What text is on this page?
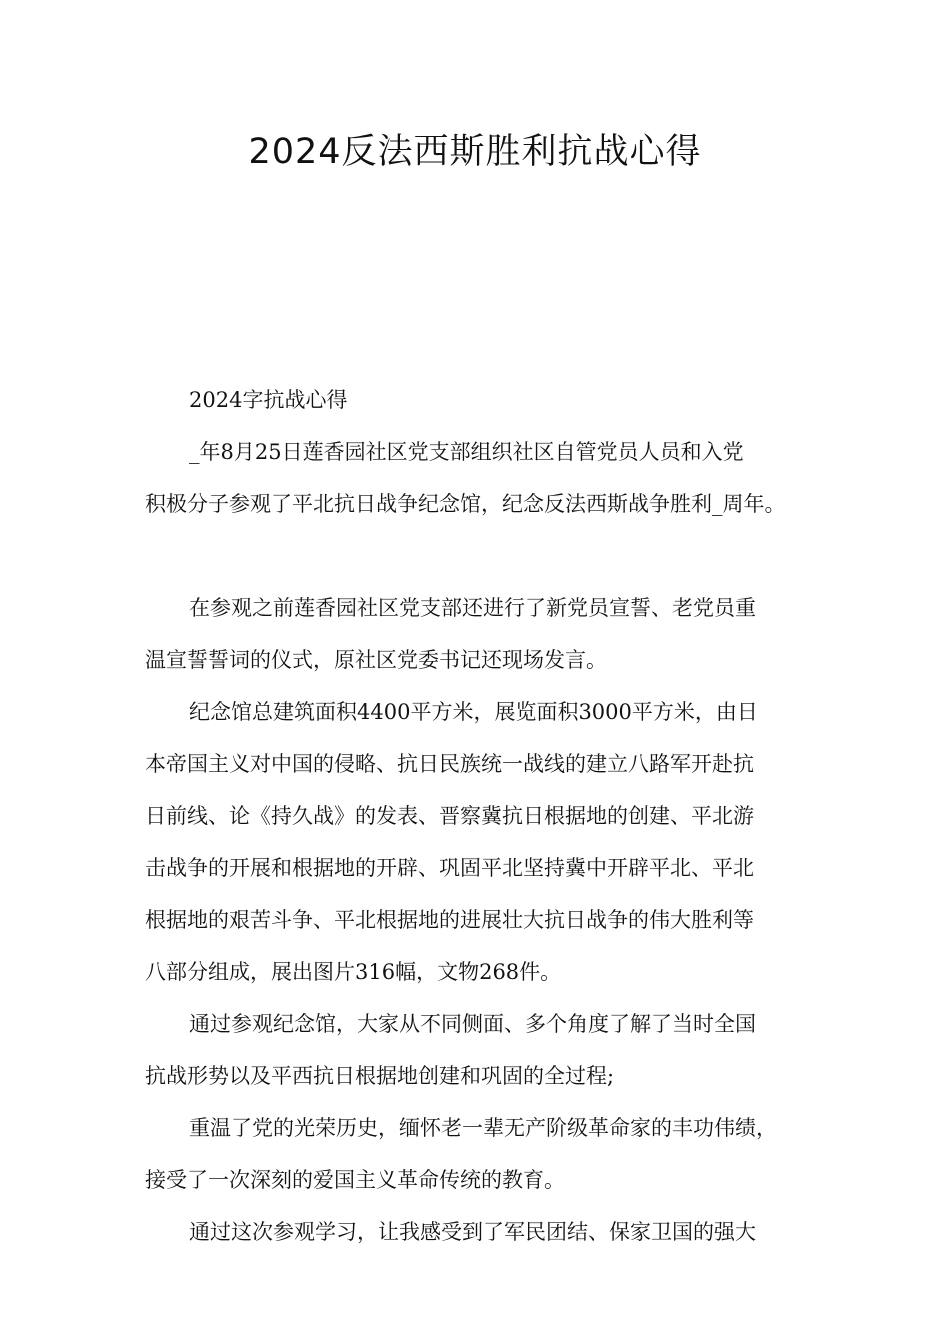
2024反法西斯胜利抗战心得

2024字抗战心得

_年8月25日莲香园社区党支部组织社区自管党员人员和入党

积极分子参观了平北抗日战争纪念馆，纪念反法西斯战争胜利_周年。

在参观之前莲香园社区党支部还进行了新党员宣誓、老党员重

温宣誓誓词的仪式，原社区党委书记还现场发言。

纪念馆总建筑面积4400平方米，展览面积3000平方米，由日

本帝国主义对中国的侵略、抗日民族统一战线的建立八路军开赴抗

日前线、论《持久战》的发表、晋察冀抗日根据地的创建、平北游

击战争的开展和根据地的开辟、巩固平北坚持冀中开辟平北、平北

根据地的艰苦斗争、平北根据地的进展壮大抗日战争的伟大胜利等

八部分组成，展出图片316幅，文物268件。

通过参观纪念馆，大家从不同侧面、多个角度了解了当时全国

抗战形势以及平西抗日根据地创建和巩固的全过程;

重温了党的光荣历史，缅怀老一辈无产阶级革命家的丰功伟绩，

接受了一次深刻的爱国主义革命传统的教育。

通过这次参观学习，让我感受到了军民团结、保家卫国的强大
